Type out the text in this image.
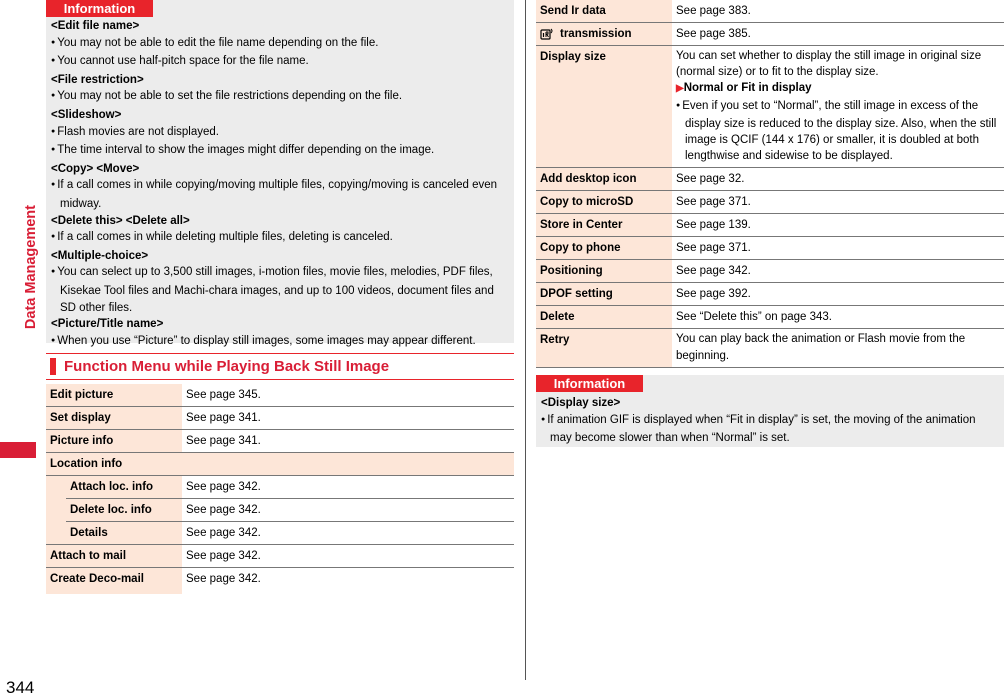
Data Management
344
Information
<Edit file name>
● You may not be able to edit the file name depending on the file.
● You cannot use half-pitch space for the file name.
<File restriction>
● You may not be able to set the file restrictions depending on the file.
<Slideshow>
● Flash movies are not displayed.
● The time interval to show the images might differ depending on the image.
<Copy> <Move>
● If a call comes in while copying/moving multiple files, copying/moving is canceled even midway.
<Delete this> <Delete all>
● If a call comes in while deleting multiple files, deleting is canceled.
<Multiple-choice>
● You can select up to 3,500 still images, i-motion files, movie files, melodies, PDF files, Kisekae Tool files and Machi-chara images, and up to 100 videos, document files and SD other files.
<Picture/Title name>
● When you use “Picture” to display still images, some images may appear different.
Function Menu while Playing Back Still Image
Edit picture		See page 345.
Set display		See page 341.
Picture info		See page 341.
Location info		
	Attach loc. info	See page 342.
	Delete loc. info	See page 342.
	Details	See page 342.
Attach to mail		See page 342.
Create Deco-mail		See page 342.
Send Ir data	See page 383.
transmission	See page 385.
Display size	You can set whether to display the still image in original size (normal size) or to fit to the display size.
▶Normal or Fit in display
● Even if you set to “Normal”, the still image in excess of the display size is reduced to the display size. Also, when the still image is QCIF (144 x 176) or smaller, it is doubled at both lengthwise and sidewise to be displayed.

Add desktop icon	See page 32.
Copy to microSD	See page 371.
Store in Center	See page 139.
Copy to phone	See page 371.
Positioning	See page 342.
DPOF setting	See page 392.
Delete	See “Delete this” on page 343.
Retry	You can play back the animation or Flash movie from the beginning.
Information
<Display size>
● If animation GIF is displayed when “Fit in display” is set, the moving of the animation may become slower than when “Normal” is set.
